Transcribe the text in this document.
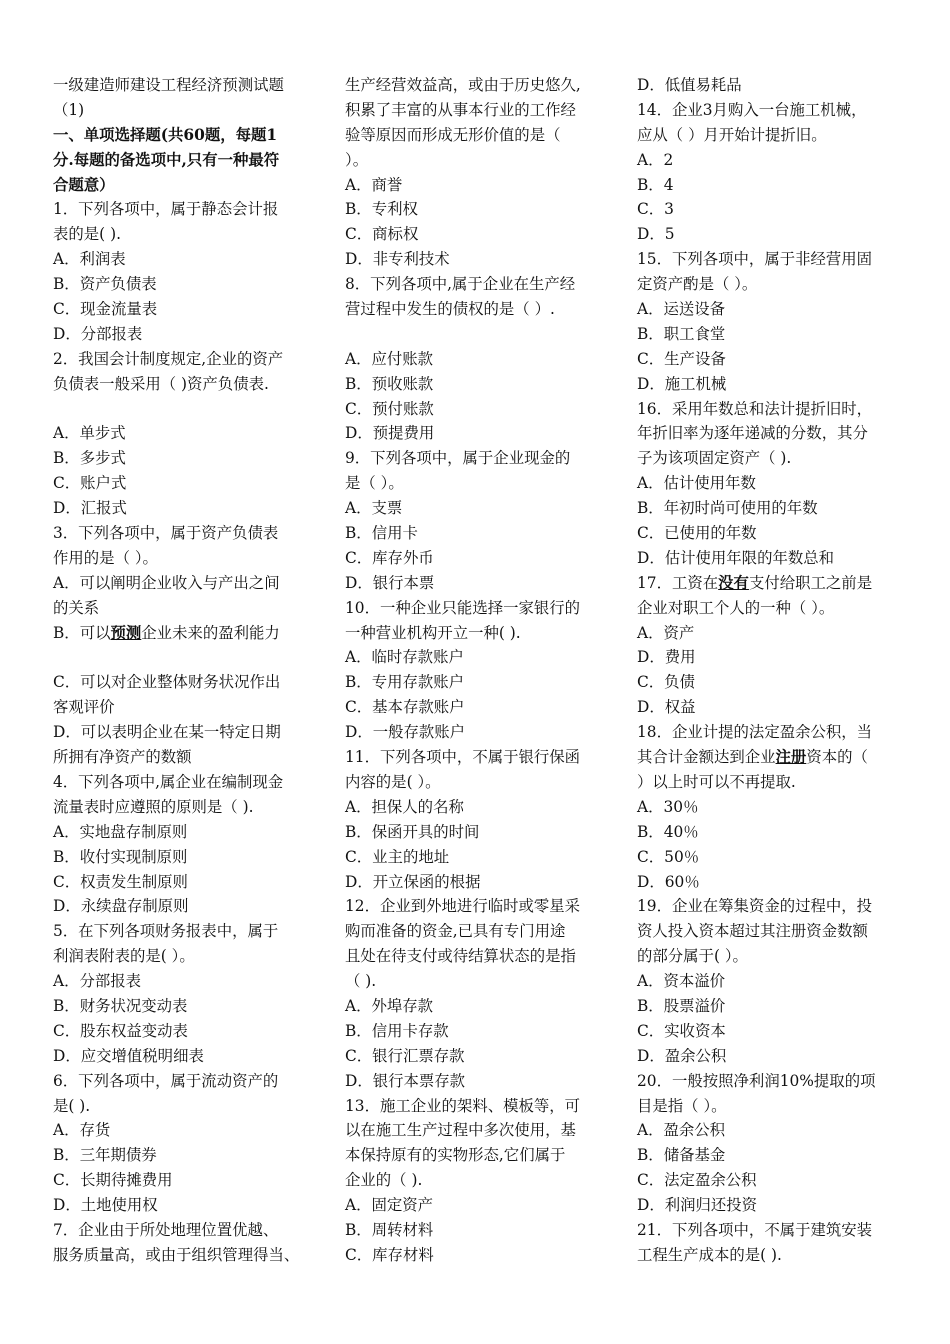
一级建造师建设工程经济预测试题
（1)
一、单项选择题(共60题，每题1
分.每题的备选项中,只有一种最符
合题意）
1．下列各项中，属于静态会计报
表的是( ).
A．利润表
B．资产负债表
C．现金流量表
D．分部报表
2．我国会计制度规定,企业的资产
负债表一般采用（ )资产负债表.
A．单步式
B．多步式
C．账户式
D．汇报式
3．下列各项中，属于资产负债表
作用的是（ ）。
A．可以阐明企业收入与产出之间
的关系
B．可以预测企业未来的盈利能力
C．可以对企业整体财务状况作出
客观评价
D．可以表明企业在某一特定日期
所拥有净资产的数额
4．下列各项中,属企业在编制现金
流量表时应遵照的原则是（ ).
A．实地盘存制原则
B．收付实现制原则
C．权责发生制原则
D．永续盘存制原则
5．在下列各项财务报表中，属于
利润表附表的是( ）。
A．分部报表
B．财务状况变动表
C．股东权益变动表
D．应交增值税明细表
6．下列各项中，属于流动资产的
是( ).
A．存货
B．三年期债券
C．长期待摊费用
D．土地使用权
7．企业由于所处地理位置优越、
服务质量高，或由于组织管理得当、
生产经营效益高，或由于历史悠久,
积累了丰富的从事本行业的工作经
验等原因而形成无形价值的是（
）。
A．商誉
B．专利权
C．商标权
D．非专利技术
8．下列各项中,属于企业在生产经
营过程中发生的债权的是（ ）.
A．应付账款
B．预收账款
C．预付账款
D．预提费用
9．下列各项中，属于企业现金的
是（ ）。
A．支票
B．信用卡
C．库存外币
D．银行本票
10．一种企业只能选择一家银行的
一种营业机构开立一种( ).
A．临时存款账户
B．专用存款账户
C．基本存款账户
D．一般存款账户
11．下列各项中，不属于银行保函
内容的是( ）。
A．担保人的名称
B．保函开具的时间
C．业主的地址
D．开立保函的根据
12．企业到外地进行临时或零星采
购而准备的资金,已具有专门用途
且处在待支付或待结算状态的是指
（ ).
A．外埠存款
B．信用卡存款
C．银行汇票存款
D．银行本票存款
13．施工企业的架料、模板等，可
以在施工生产过程中多次使用，基
本保持原有的实物形态,它们属于
企业的（ ).
A．固定资产
B．周转材料
C．库存材料
D．低值易耗品
14．企业3月购入一台施工机械，
应从（ ）月开始计提折旧。
A．2
B．4
C．3
D．5
15．下列各项中，属于非经营用固
定资产酌是（ ）。
A．运送设备
B．职工食堂
C．生产设备
D．施工机械
16．采用年数总和法计提折旧时，
年折旧率为逐年递减的分数，其分
子为该项固定资产（ ).
A．估计使用年数
B．年初时尚可使用的年数
C．已使用的年数
D．估计使用年限的年数总和
17．工资在没有支付给职工之前是
企业对职工个人的一种（ ）。
A．资产
D．费用
C．负债
D．权益
18．企业计提的法定盈余公积，当
其合计金额达到企业注册资本的（
）以上时可以不再提取.
A．30％
B．40％
C．50％
D．60％
19．企业在筹集资金的过程中，投
资人投入资本超过其注册资金数额
的部分属于( ）。
A．资本溢价
B．股票溢价
C．实收资本
D．盈余公积
20．一般按照净利润10%提取的项
目是指（ ）。
A．盈余公积
B．储备基金
C．法定盈余公积
D．利润归还投资
21．下列各项中，不属于建筑安装
工程生产成本的是( ).
